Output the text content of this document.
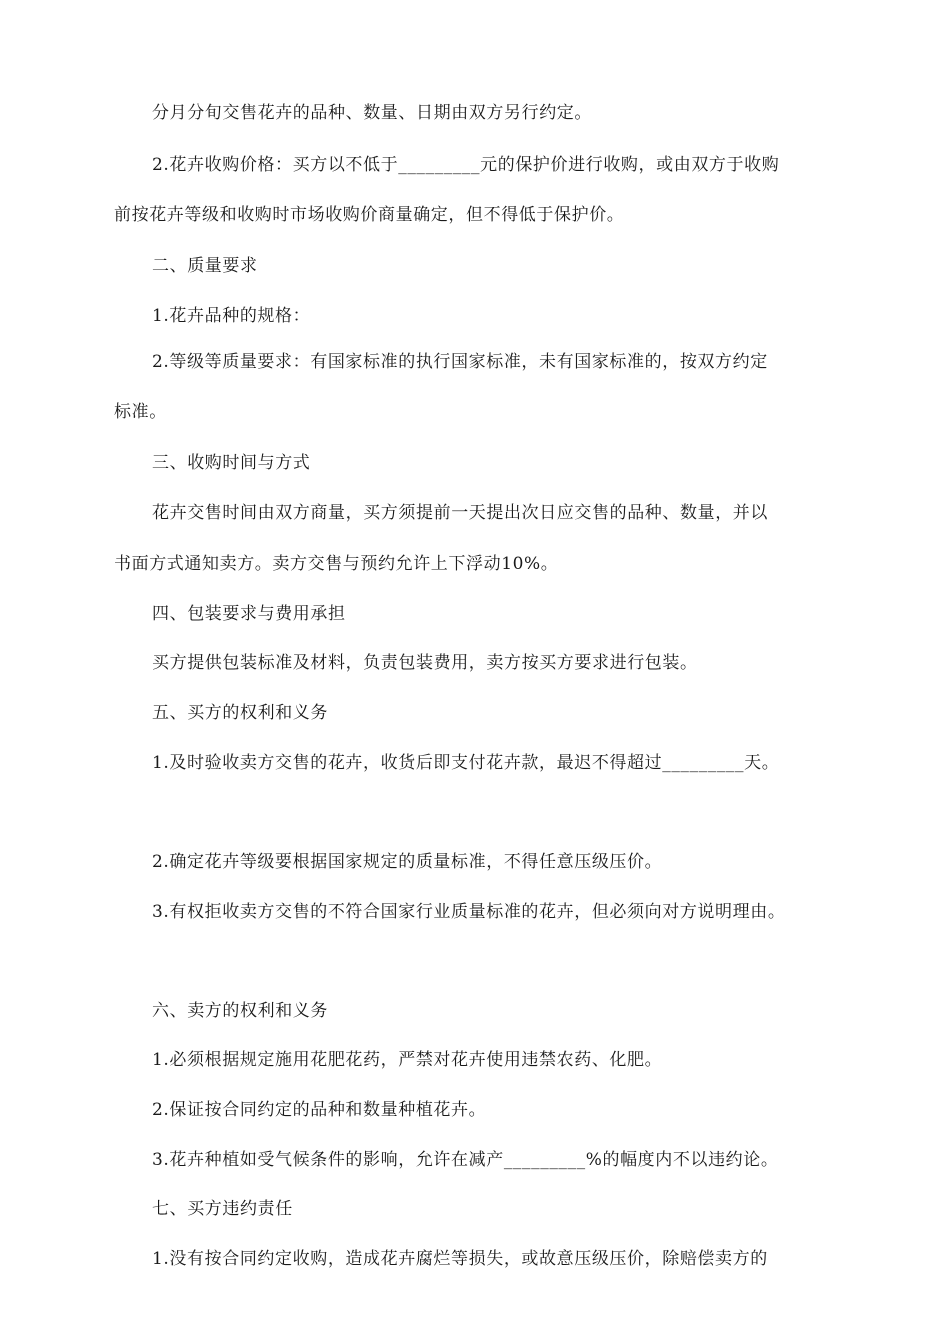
分月分旬交售花卉的品种、数量、日期由双方另行约定。
2.花卉收购价格：买方以不低于_________元的保护价进行收购，或由双方于收购
前按花卉等级和收购时市场收购价商量确定，但不得低于保护价。
二、质量要求
1.花卉品种的规格：
2.等级等质量要求：有国家标准的执行国家标准，未有国家标准的，按双方约定
标准。
三、收购时间与方式
花卉交售时间由双方商量，买方须提前一天提出次日应交售的品种、数量，并以
书面方式通知卖方。卖方交售与预约允许上下浮动10%。
四、包装要求与费用承担
买方提供包装标准及材料，负责包装费用，卖方按买方要求进行包装。
五、买方的权利和义务
1.及时验收卖方交售的花卉，收货后即支付花卉款，最迟不得超过_________天。
2.确定花卉等级要根据国家规定的质量标准，不得任意压级压价。
3.有权拒收卖方交售的不符合国家行业质量标准的花卉，但必须向对方说明理由。
六、卖方的权利和义务
1.必须根据规定施用花肥花药，严禁对花卉使用违禁农药、化肥。
2.保证按合同约定的品种和数量种植花卉。
3.花卉种植如受气候条件的影响，允许在减产_________%的幅度内不以违约论。
七、买方违约责任
1.没有按合同约定收购，造成花卉腐烂等损失，或故意压级压价，除赔偿卖方的
